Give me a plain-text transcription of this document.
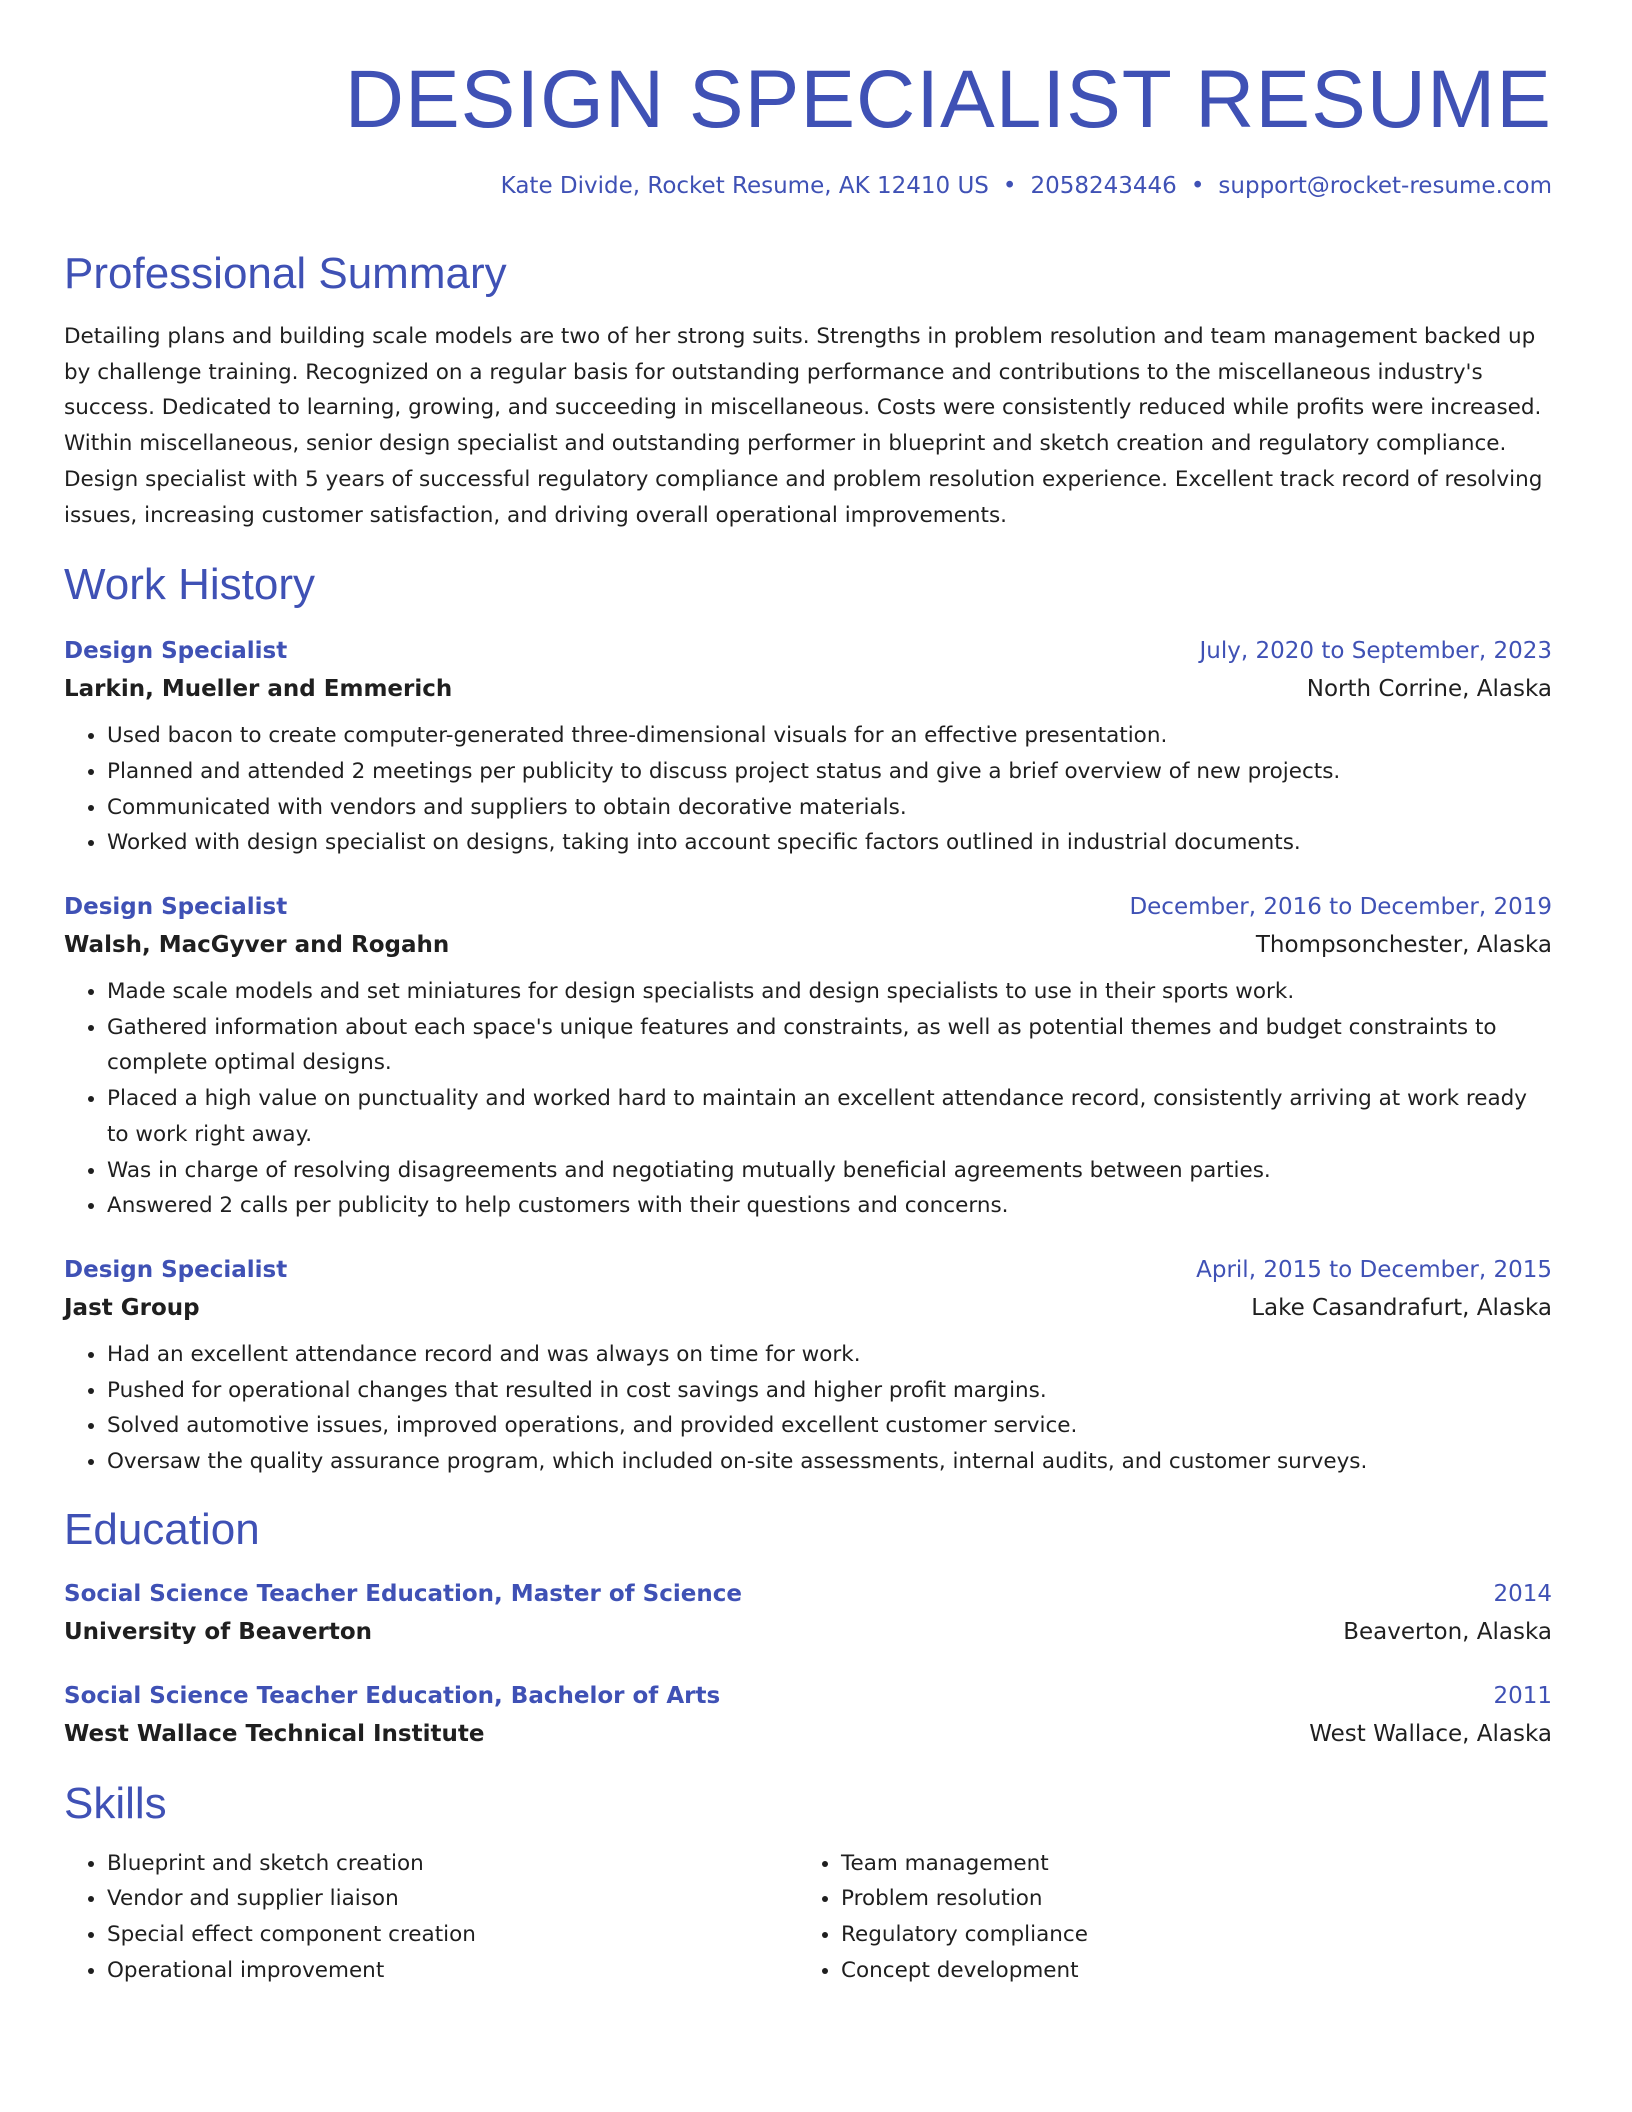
DESIGN SPECIALIST RESUME
Kate Divide, Rocket Resume, AK 12410 US • 2058243446 • support@rocket-resume.com
Professional Summary

Detailing plans and building scale models are two of her strong suits. Strengths in problem resolution and team management backed up by challenge training. Recognized on a regular basis for outstanding performance and contributions to the miscellaneous industry's success. Dedicated to learning, growing, and succeeding in miscellaneous. Costs were consistently reduced while profits were increased. Within miscellaneous, senior design specialist and outstanding performer in blueprint and sketch creation and regulatory compliance. Design specialist with 5 years of successful regulatory compliance and problem resolution experience. Excellent track record of resolving issues, increasing customer satisfaction, and driving overall operational improvements.

Work History
Design Specialist	July, 2020 to September, 2023
Larkin, Mueller and Emmerich	North Corrine, Alaska
• Used bacon to create computer-generated three-dimensional visuals for an effective presentation.
• Planned and attended 2 meetings per publicity to discuss project status and give a brief overview of new projects.
• Communicated with vendors and suppliers to obtain decorative materials.
• Worked with design specialist on designs, taking into account specific factors outlined in industrial documents.
Design Specialist	December, 2016 to December, 2019
Walsh, MacGyver and Rogahn	Thompsonchester, Alaska
• Made scale models and set miniatures for design specialists and design specialists to use in their sports work.
• Gathered information about each space's unique features and constraints, as well as potential themes and budget constraints to complete optimal designs.
• Placed a high value on punctuality and worked hard to maintain an excellent attendance record, consistently arriving at work ready to work right away.
• Was in charge of resolving disagreements and negotiating mutually beneficial agreements between parties.
• Answered 2 calls per publicity to help customers with their questions and concerns.
Design Specialist	April, 2015 to December, 2015
Jast Group	Lake Casandrafurt, Alaska
• Had an excellent attendance record and was always on time for work.
• Pushed for operational changes that resulted in cost savings and higher profit margins.
• Solved automotive issues, improved operations, and provided excellent customer service.
• Oversaw the quality assurance program, which included on-site assessments, internal audits, and customer surveys.
Education
Social Science Teacher Education, Master of Science	2014
University of Beaverton	Beaverton, Alaska
Social Science Teacher Education, Bachelor of Arts	2011
West Wallace Technical Institute	West Wallace, Alaska
Skills
• Blueprint and sketch creation
• Vendor and supplier liaison
• Special effect component creation
• Operational improvement
• Team management
• Problem resolution
• Regulatory compliance
• Concept development
